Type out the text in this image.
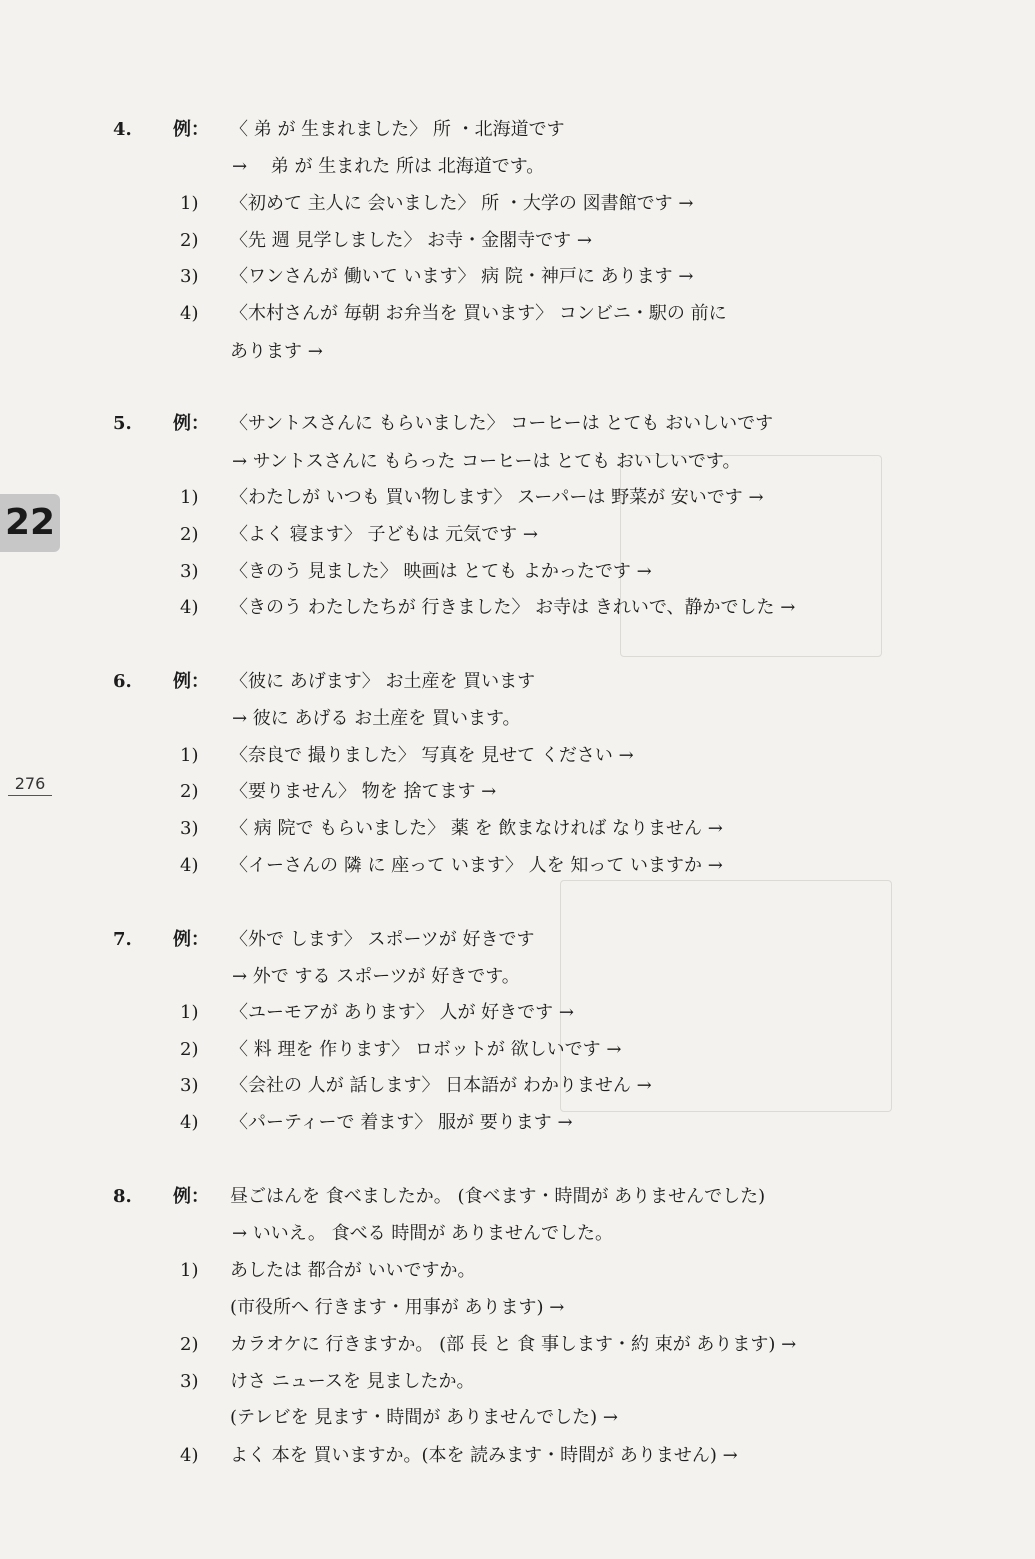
22
276
4. 例： 〈 弟 が 生まれました〉 所 ・北海道です
→　 弟 が 生まれた 所は 北海道です。
1) 〈初めて 主人に 会いました〉 所 ・大学の 図書館です →
2) 〈先 週 見学しました〉 お寺・金閣寺です →
3) 〈ワンさんが 働いて います〉 病 院・神戸に あります →
4) 〈木村さんが 毎朝 お弁当を 買います〉 コンビニ・駅の 前に
あります →
5. 例： 〈サントスさんに もらいました〉 コーヒーは とても おいしいです
→ サントスさんに もらった コーヒーは とても おいしいです。
1) 〈わたしが いつも 買い物します〉 スーパーは 野菜が 安いです →
2) 〈よく 寝ます〉 子どもは 元気です →
3) 〈きのう 見ました〉 映画は とても よかったです →
4) 〈きのう わたしたちが 行きました〉 お寺は きれいで、静かでした →
6. 例： 〈彼に あげます〉 お土産を 買います
→ 彼に あげる お土産を 買います。
1) 〈奈良で 撮りました〉 写真を 見せて ください →
2) 〈要りません〉 物を 捨てます →
3) 〈 病 院で もらいました〉 薬 を 飲まなければ なりません →
4) 〈イーさんの 隣 に 座って います〉 人を 知って いますか →
7. 例： 〈外で します〉 スポーツが 好きです
→ 外で する スポーツが 好きです。
1) 〈ユーモアが あります〉 人が 好きです →
2) 〈 料 理を 作ります〉 ロボットが 欲しいです →
3) 〈会社の 人が 話します〉 日本語が わかりません →
4) 〈パーティーで 着ます〉 服が 要ります →
8. 例： 昼ごはんを 食べましたか。 (食べます・時間が ありませんでした)
→ いいえ。 食べる 時間が ありませんでした。
1) あしたは 都合が いいですか。
(市役所へ 行きます・用事が あります) →
2) カラオケに 行きますか。 (部 長 と 食 事します・約 束が あります) →
3) けさ ニュースを 見ましたか。
(テレビを 見ます・時間が ありませんでした) →
4) よく 本を 買いますか。(本を 読みます・時間が ありません) →
